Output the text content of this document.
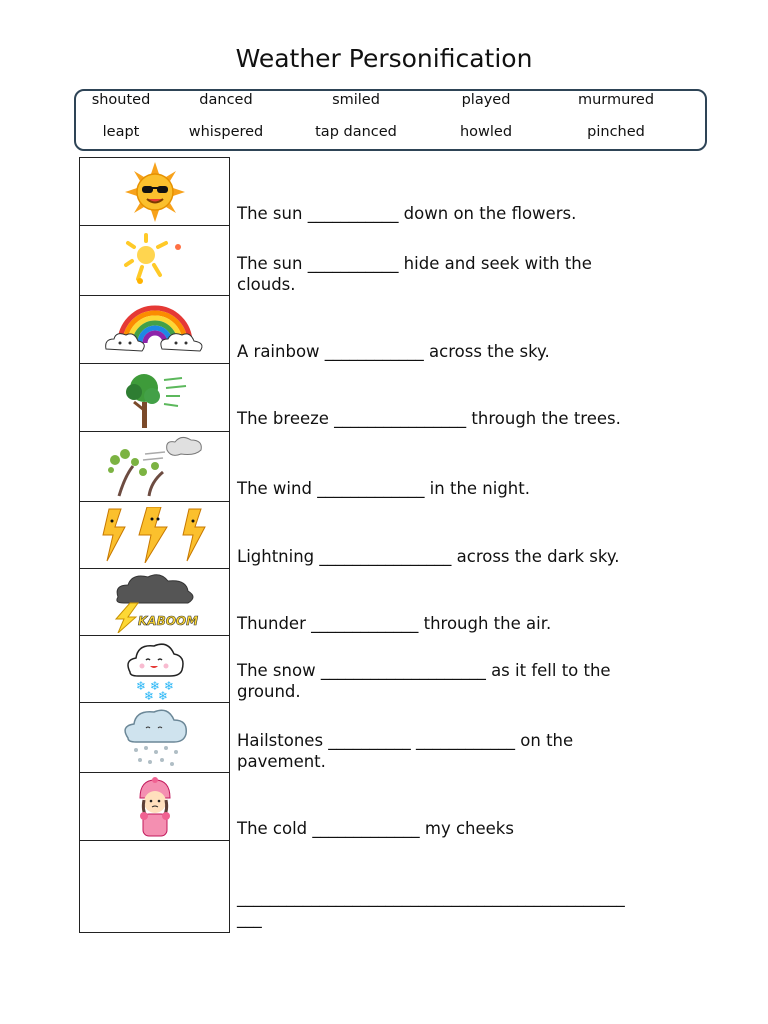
Weather Personification
shouted	danced	smiled	played	murmured
leapt	whispered	tap danced	howled	pinched
KABOOM
❄ ❄ ❄
❄ ❄
The sun ___________ down on the flowers.
The sun ___________ hide and seek with the
clouds.
A rainbow ____________ across the sky.
The breeze ________________ through the trees.
The wind _____________ in the night.
Lightning ________________ across the dark sky.
Thunder _____________ through the air.
The snow ____________________ as it fell to the
ground.
Hailstones __________ ____________ on the
pavement.
The cold _____________ my cheeks
_______________________________________________
___
